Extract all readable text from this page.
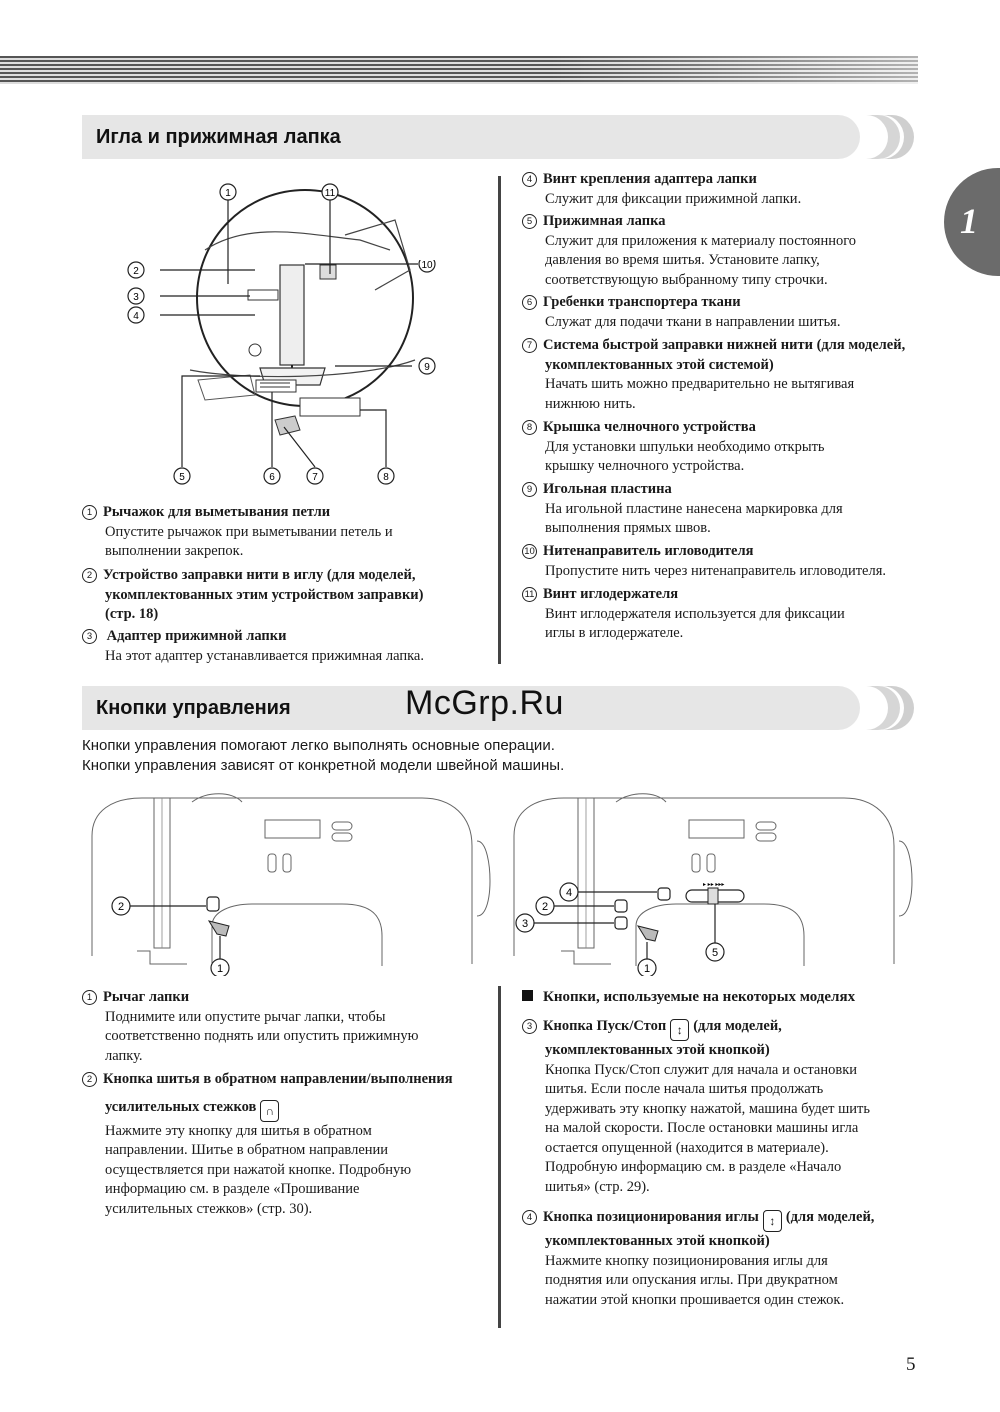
1
Игла и прижимная лапка
1	11
2
10
3
4
9
5	6	7	8
1 Рычажок для выметывания петли
Опустите рычажок при выметывании петель и
выполнении закрепок.
2 Устройство заправки нити в иглу (для моделей,
укомплектованных этим устройством заправки)
(стр. 18)
3 Адаптер прижимной лапки
На этот адаптер устанавливается прижимная лапка.
4 Винт крепления адаптера лапки
Служит для фиксации прижимной лапки.
5 Прижимная лапка
Служит для приложения к материалу постоянного
давления во время шитья. Установите лапку,
соответствующую выбранному типу строчки.
6 Гребенки транспортера ткани
Служат для подачи ткани в направлении шитья.
7 Система быстрой заправки нижней нити (для моделей,
укомплектованных этой системой)
Начать шить можно предварительно не вытягивая
нижнюю нить.
8 Крышка челночного устройства
Для установки шпульки необходимо открыть
крышку челночного устройства.
9 Игольная пластина
На игольной пластине нанесена маркировка для
выполнения прямых швов.
10 Нитенаправитель игловодителя
Пропустите нить через нитенаправитель игловодителя.
11 Винт иглодержателя
Винт иглодержателя используется для фиксации
иглы в иглодержателе.
Кнопки управления	McGrp.Ru
Кнопки управления помогают легко выполнять основные операции.
Кнопки управления зависят от конкретной модели швейной машины.
2
1
▸ ▸▸ ▸▸▸
4
2
3
1
5
1 Рычаг лапки
Поднимите или опустите рычаг лапки, чтобы
соответственно поднять или опустить прижимную
лапку.
2 Кнопка шитья в обратном направлении/выполнения
усилительных стежков ∩
Нажмите эту кнопку для шитья в обратном
направлении. Шитье в обратном направлении
осуществляется при нажатой кнопке. Подробную
информацию см. в разделе «Прошивание
усилительных стежков» (стр. 30).
Кнопки, используемые на некоторых моделях
3 Кнопка Пуск/Стоп ↕ (для моделей,
укомплектованных этой кнопкой)
Кнопка Пуск/Стоп служит для начала и остановки
шитья. Если после начала шитья продолжать
удерживать эту кнопку нажатой, машина будет шить
на малой скорости. После остановки машины игла
остается опущенной (находится в материале).
Подробную информацию см. в разделе «Начало
шитья» (стр. 29).
4 Кнопка позиционирования иглы ↕ (для моделей,
укомплектованных этой кнопкой)
Нажмите кнопку позиционирования иглы для
поднятия или опускания иглы. При двукратном
нажатии этой кнопки прошивается один стежок.
5
